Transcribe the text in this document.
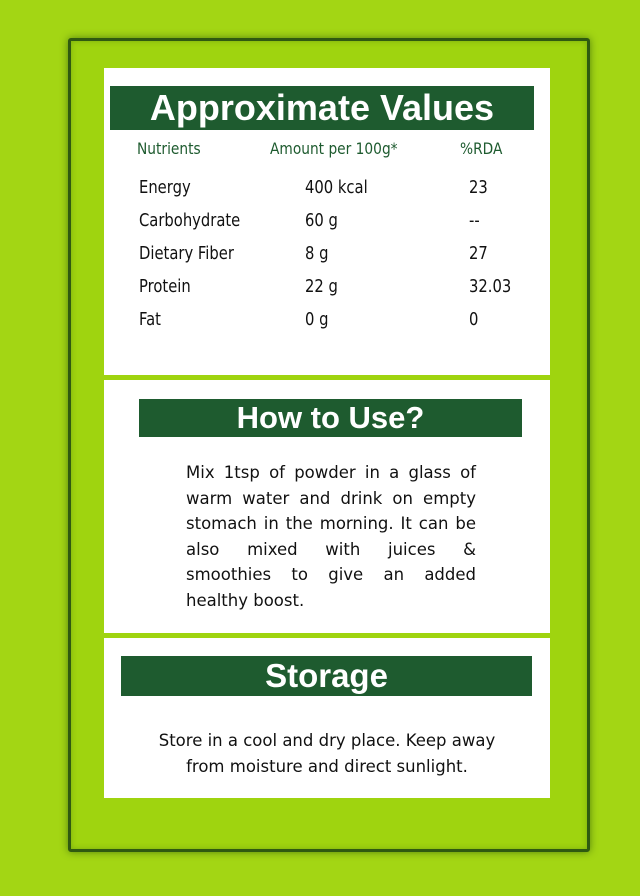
Approximate Values
Nutrients	Amount per 100g*	%RDA
Energy	400 kcal	23
Carbohydrate	60 g	--
Dietary Fiber	8 g	27
Protein	22 g	32.03
Fat	0 g	0
How to Use?
Mix 1tsp of powder in a glass of
warm water and drink on empty
stomach in the morning. It can be
also mixed with juices &
smoothies to give an added
healthy boost.
Storage
Store in a cool and dry place. Keep away
from moisture and direct sunlight.
